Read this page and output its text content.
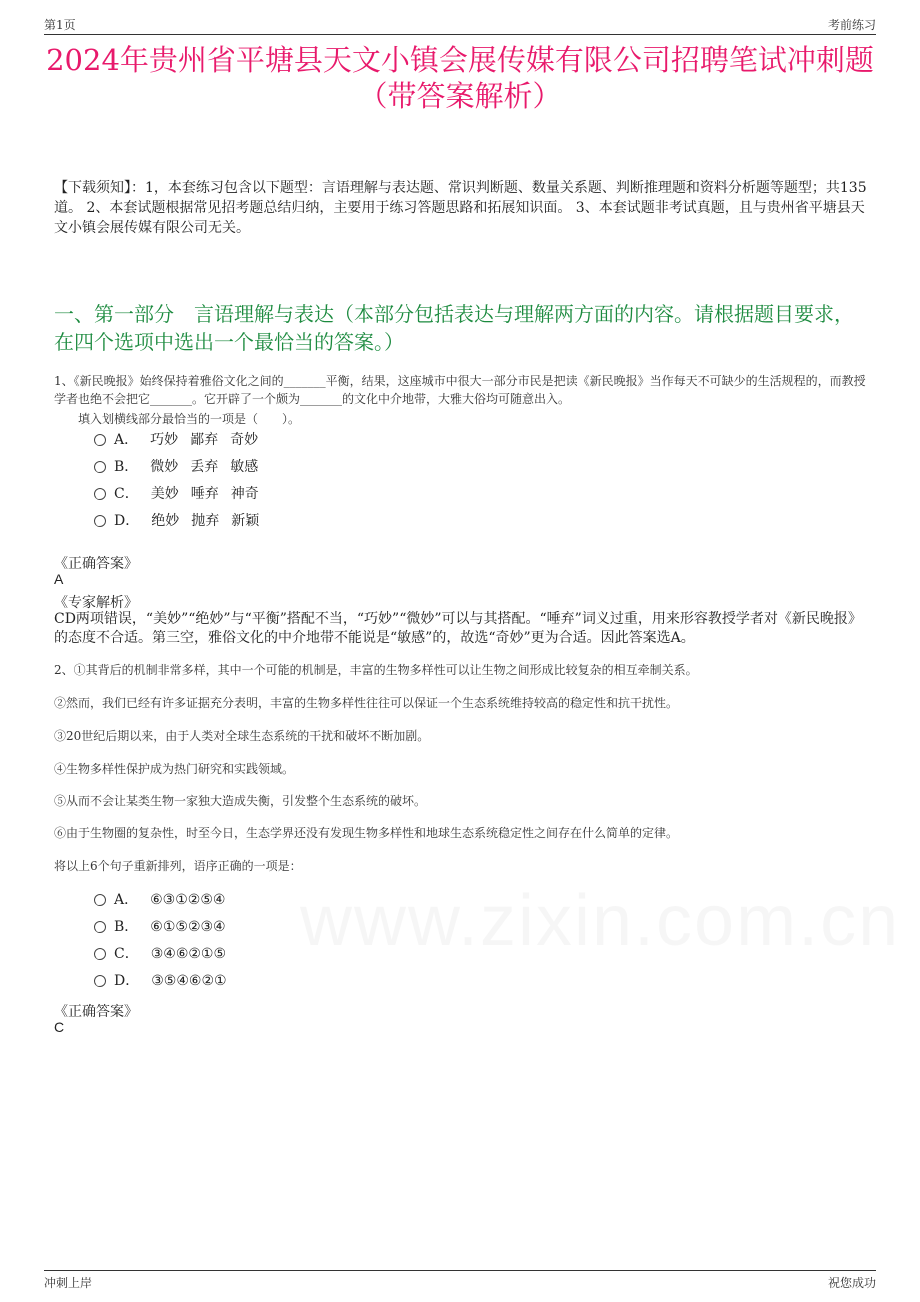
第1页	考前练习
2024年贵州省平塘县天文小镇会展传媒有限公司招聘笔试冲刺题（带答案解析）
【下载须知】：1，本套练习包含以下题型：言语理解与表达题、常识判断题、数量关系题、判断推理题和资料分析题等题型；共135道。 2、本套试题根据常见招考题总结归纳，主要用于练习答题思路和拓展知识面。 3、本套试题非考试真题，且与贵州省平塘县天文小镇会展传媒有限公司无关。
一、第一部分　言语理解与表达（本部分包括表达与理解两方面的内容。请根据题目要求，在四个选项中选出一个最恰当的答案。）
1、《新民晚报》始终保持着雅俗文化之间的_______平衡，结果，这座城市中很大一部分市民是把读《新民晚报》当作每天不可缺少的生活规程的，而教授学者也绝不会把它_______。它开辟了一个颇为_______的文化中介地带，大雅大俗均可随意出入。
填入划横线部分最恰当的一项是（　　）。
A． 巧妙 鄙弃 奇妙
B． 微妙 丢弃 敏感
C． 美妙 唾弃 神奇
D． 绝妙 抛弃 新颖
《正确答案》
A
《专家解析》
CD两项错误，“美妙”“绝妙”与“平衡”搭配不当，“巧妙”“微妙”可以与其搭配。“唾弃”词义过重，用来形容教授学者对《新民晚报》的态度不合适。第三空，雅俗文化的中介地带不能说是“敏感”的，故选“奇妙”更为合适。因此答案选A。
2、①其背后的机制非常多样，其中一个可能的机制是，丰富的生物多样性可以让生物之间形成比较复杂的相互牵制关系。
②然而，我们已经有许多证据充分表明，丰富的生物多样性往往可以保证一个生态系统维持较高的稳定性和抗干扰性。
③20世纪后期以来，由于人类对全球生态系统的干扰和破坏不断加剧。
④生物多样性保护成为热门研究和实践领域。
⑤从而不会让某类生物一家独大造成失衡，引发整个生态系统的破坏。
⑥由于生物圈的复杂性，时至今日，生态学界还没有发现生物多样性和地球生态系统稳定性之间存在什么简单的定律。
将以上6个句子重新排列，语序正确的一项是：
A． ⑥③①②⑤④
B． ⑥①⑤②③④
C． ③④⑥②①⑤
D． ③⑤④⑥②①
《正确答案》
C
冲刺上岸	祝您成功
